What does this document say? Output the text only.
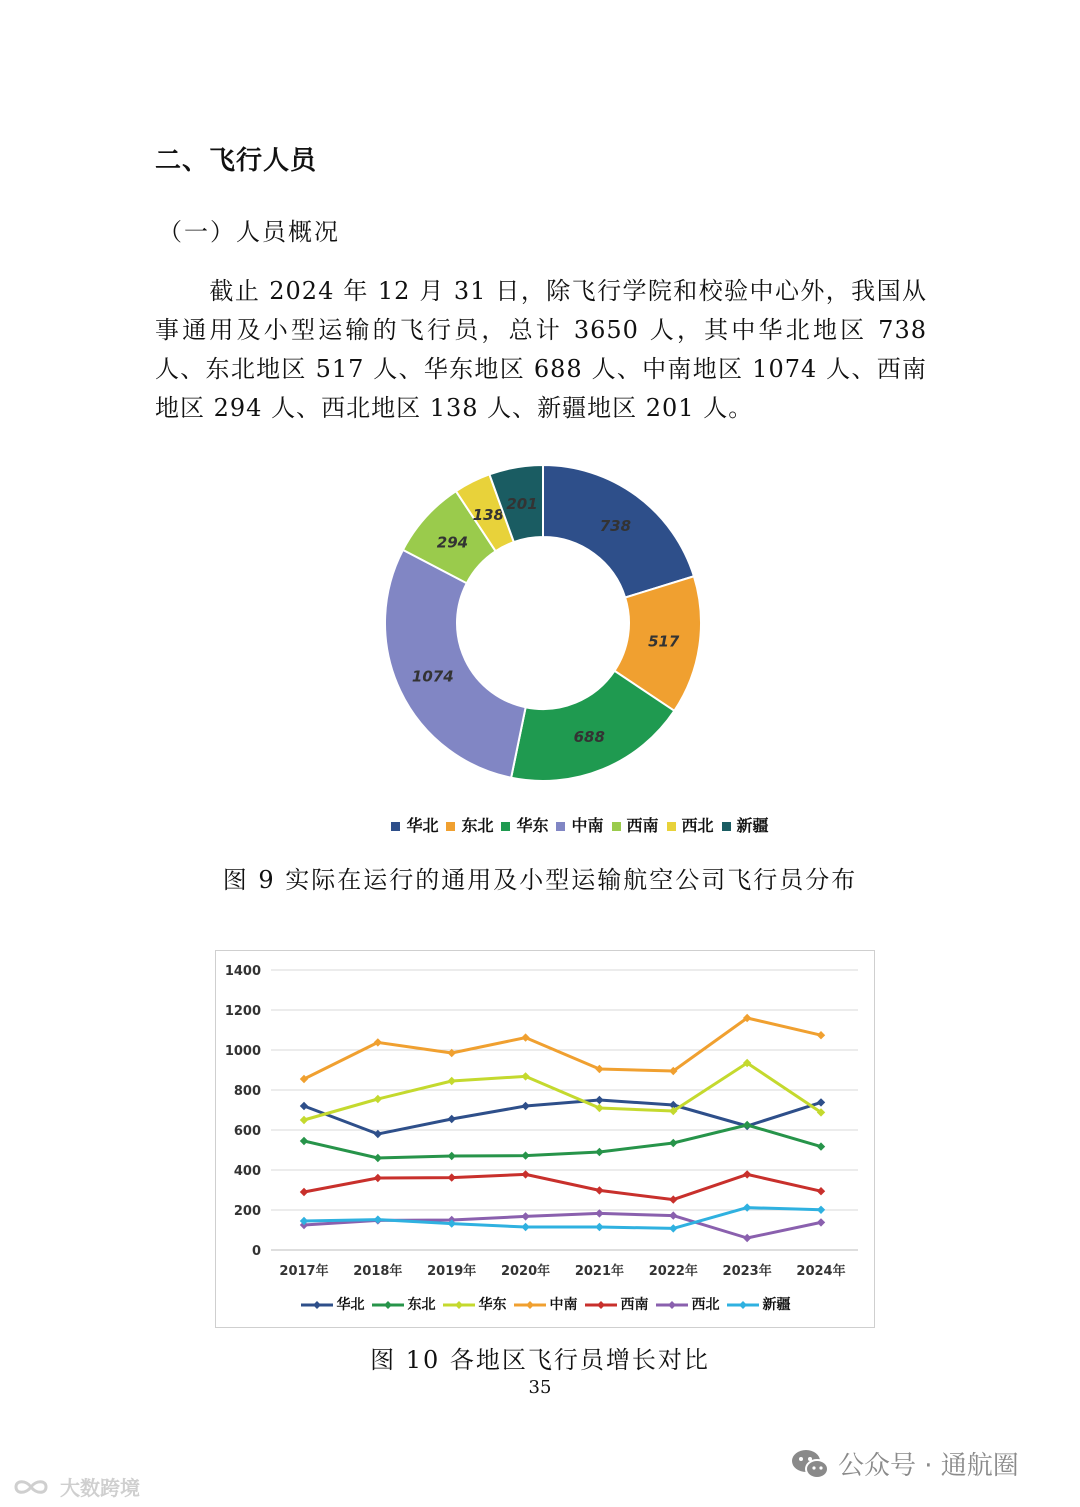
二、飞行人员
（一）人员概况
截止 2024 年 12 月 31 日，除飞行学院和校验中心外，我国从事通用及小型运输的飞行员，总计 3650 人，其中华北地区 738 人、东北地区 517 人、华东地区 688 人、中南地区 1074 人、西南地区 294 人、西北地区 138 人、新疆地区 201 人。
738
517
688
1074
294
138
201
华北 东北 华东 中南 西南 西北 新疆
图 9 实际在运行的通用及小型运输航空公司飞行员分布
0
200
400
600
800
1000
1200
1400
2017年 2018年 2019年 2020年 2021年 2022年 2023年 2024年
华北	东北	华东	中南	西南	西北	新疆
图 10 各地区飞行员增长对比
35
大数跨境
公众号 · 通航圈
